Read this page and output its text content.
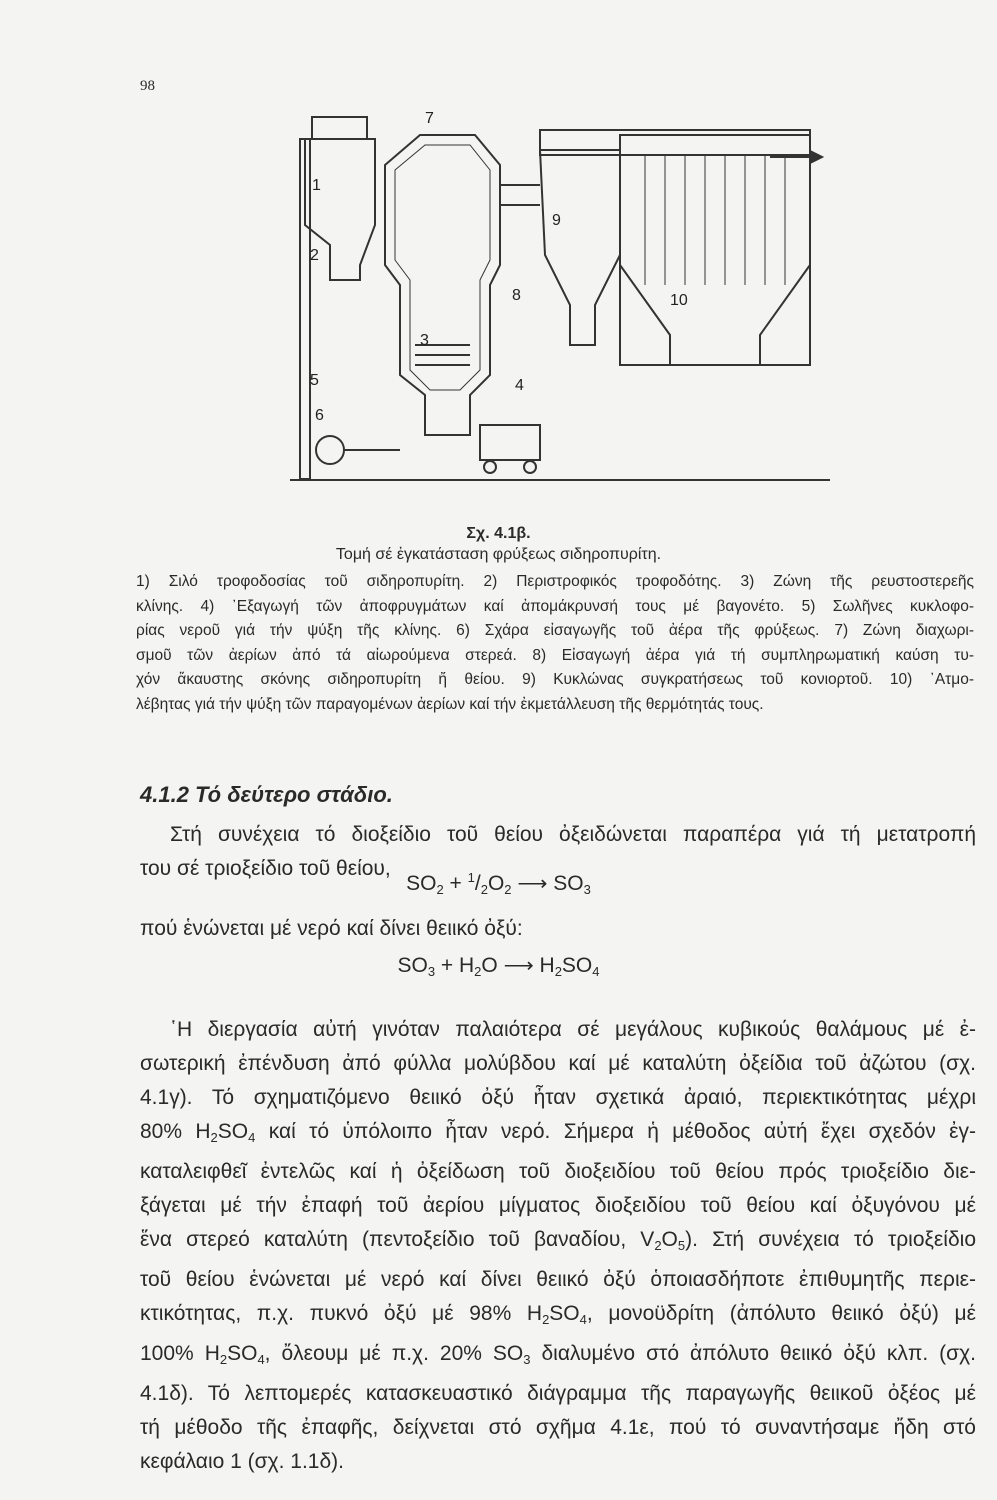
98
1
2
3
4
5
6
7
8
9
10
Σχ. 4.1β.
Τομή σέ ἐγκατάσταση φρύξεως σιδηροπυρίτη.
1) Σιλό τροφοδοσίας τοῦ σιδηροπυρίτη. 2) Περιστροφικός τροφοδότης. 3) Ζώνη τῆς ρευστοστερεῆς
κλίνης. 4) ᾿Εξαγωγή τῶν ἀποφρυγμάτων καί ἀπομάκρυνσή τους μέ βαγονέτο. 5) Σωλῆνες κυκλοφο-
ρίας νεροῦ γιά τήν ψύξη τῆς κλίνης. 6) Σχάρα εἰσαγωγῆς τοῦ ἀέρα τῆς φρύξεως. 7) Ζώνη διαχωρι-
σμοῦ τῶν ἀερίων ἀπό τά αἰωρούμενα στερεά. 8) Εἰσαγωγή ἀέρα γιά τή συμπληρωματική καύση τυ-
χόν ἄκαυστης σκόνης σιδηροπυρίτη ἤ θείου. 9) Κυκλώνας συγκρατήσεως τοῦ κονιορτοῦ. 10) ᾿Ατμο-
λέβητας γιά τήν ψύξη τῶν παραγομένων ἀερίων καί τήν ἐκμετάλλευση τῆς θερμότητάς τους.
4.1.2 Τό δεύτερο στάδιο.
Στή συνέχεια τό διοξείδιο τοῦ θείου ὀξειδώνεται παραπέρα γιά τή μετατροπή
του σέ τριοξείδιο τοῦ θείου,
$SO_2 + ^1/_2O_2$ ⟶ $SO_3$
πού ἑνώνεται μέ νερό καί δίνει θειικό ὀξύ:
$SO_3 + H_2O$ ⟶ $H_2SO_4$
῾Η διεργασία αὐτή γινόταν παλαιότερα σέ μεγάλους κυβικούς θαλάμους μέ ἐ-
σωτερική ἐπένδυση ἀπό φύλλα μολύβδου καί μέ καταλύτη ὀξείδια τοῦ ἀζώτου (σχ.
4.1γ). Τό σχηματιζόμενο θειικό ὀξύ ἦταν σχετικά ἀραιό, περιεκτικότητας μέχρι
80% $H_2SO_4$ καί τό ὑπόλοιπο ἦταν νερό. Σήμερα ἡ μέθοδος αὐτή ἔχει σχεδόν ἐγ-
καταλειφθεῖ ἐντελῶς καί ἡ ὀξείδωση τοῦ διοξειδίου τοῦ θείου πρός τριοξείδιο διε-
ξάγεται μέ τήν ἐπαφή τοῦ ἀερίου μίγματος διοξειδίου τοῦ θείου καί ὀξυγόνου μέ
ἕνα στερεό καταλύτη (πεντοξείδιο τοῦ βαναδίου, $V_2O_5$). Στή συνέχεια τό τριοξείδιο
τοῦ θείου ἑνώνεται μέ νερό καί δίνει θειικό ὀξύ ὁποιασδήποτε ἐπιθυμητῆς περιε-
κτικότητας, π.χ. πυκνό ὀξύ μέ 98% $H_2SO_4$, μονοϋδρίτη (ἀπόλυτο θειικό ὀξύ) μέ
100% $H_2SO_4$, ὄλεουμ μέ π.χ. 20% $SO_3$ διαλυμένο στό ἀπόλυτο θειικό ὀξύ κλπ. (σχ.
4.1δ). Τό λεπτομερές κατασκευαστικό διάγραμμα τῆς παραγωγῆς θειικοῦ ὀξέος μέ
τή μέθοδο τῆς ἐπαφῆς, δείχνεται στό σχῆμα 4.1ε, πού τό συναντήσαμε ἤδη στό
κεφάλαιο 1 (σχ. 1.1δ).
